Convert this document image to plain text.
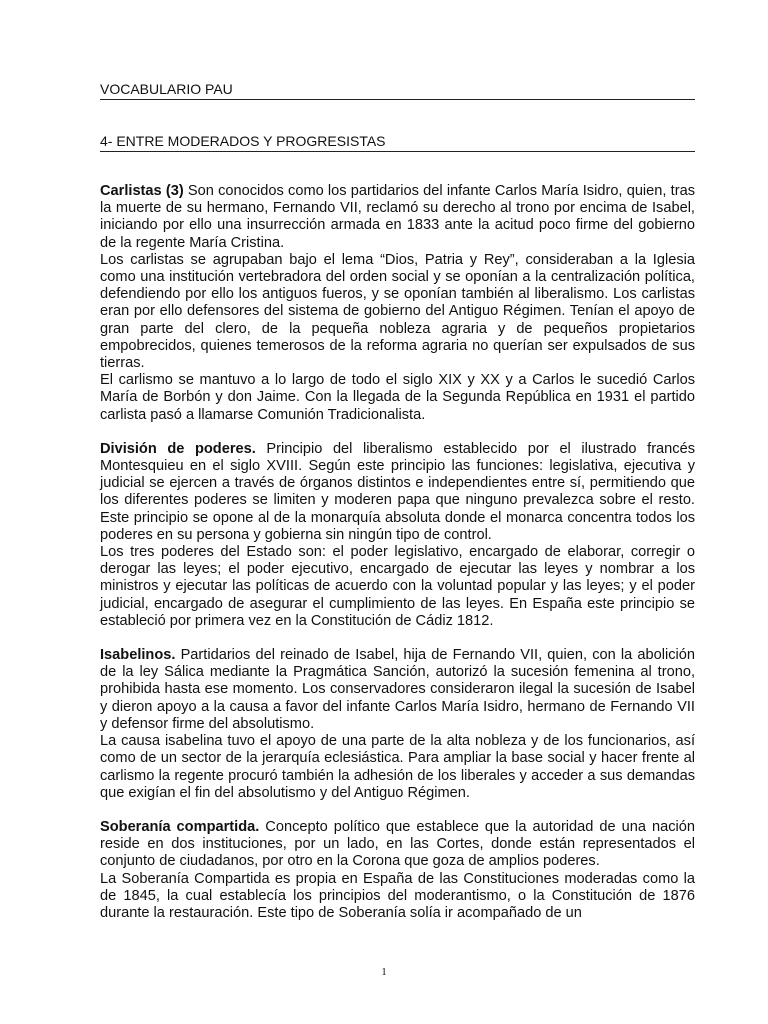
VOCABULARIO PAU
4- ENTRE MODERADOS Y PROGRESISTAS

Carlistas (3) Son conocidos como los partidarios del infante Carlos María Isidro, quien, tras la muerte de su hermano, Fernando VII, reclamó su derecho al trono por encima de Isabel, iniciando por ello una insurrección armada en 1833 ante la acitud poco firme del gobierno de la regente María Cristina.

Los carlistas se agrupaban bajo el lema “Dios, Patria y Rey”, consideraban a la Iglesia como una institución vertebradora del orden social y se oponían a la centralización política, defendiendo por ello los antiguos fueros, y se oponían también al liberalismo. Los carlistas eran por ello defensores del sistema de gobierno del Antiguo Régimen. Tenían el apoyo de gran parte del clero, de la pequeña nobleza agraria y de pequeños propietarios empobrecidos, quienes temerosos de la reforma agraria no querían ser expulsados de sus tierras.

El carlismo se mantuvo a lo largo de todo el siglo XIX y XX y a Carlos le sucedió Carlos María de Borbón y don Jaime. Con la llegada de la Segunda República en 1931 el partido carlista pasó a llamarse Comunión Tradicionalista.

División de poderes. Principio del liberalismo establecido por el ilustrado francés Montesquieu en el siglo XVIII. Según este principio las funciones: legislativa, ejecutiva y judicial se ejercen a través de órganos distintos e independientes entre sí, permitiendo que los diferentes poderes se limiten y moderen papa que ninguno prevalezca sobre el resto. Este principio se opone al de la monarquía absoluta donde el monarca concentra todos los poderes en su persona y gobierna sin ningún tipo de control.

Los tres poderes del Estado son: el poder legislativo, encargado de elaborar, corregir o derogar las leyes; el poder ejecutivo, encargado de ejecutar las leyes y nombrar a los ministros y ejecutar las políticas de acuerdo con la voluntad popular y las leyes; y el poder judicial, encargado de asegurar el cumplimiento de las leyes. En España este principio se estableció por primera vez en la Constitución de Cádiz 1812.

Isabelinos. Partidarios del reinado de Isabel, hija de Fernando VII, quien, con la abolición de la ley Sálica mediante la Pragmática Sanción, autorizó la sucesión femenina al trono, prohibida hasta ese momento. Los conservadores consideraron ilegal la sucesión de Isabel y dieron apoyo a la causa a favor del infante Carlos María Isidro, hermano de Fernando VII y defensor firme del absolutismo.

La causa isabelina tuvo el apoyo de una parte de la alta nobleza y de los funcionarios, así como de un sector de la jerarquía eclesiástica. Para ampliar la base social y hacer frente al carlismo la regente procuró también la adhesión de los liberales y acceder a sus demandas que exigían el fin del absolutismo y del Antiguo Régimen.

Soberanía compartida. Concepto político que establece que la autoridad de una nación reside en dos instituciones, por un lado, en las Cortes, donde están representados el conjunto de ciudadanos, por otro en la Corona que goza de amplios poderes.

La Soberanía Compartida es propia en España de las Constituciones moderadas como la de 1845, la cual establecía los principios del moderantismo, o la Constitución de 1876 durante la restauración. Este tipo de Soberanía solía ir acompañado de un

1
